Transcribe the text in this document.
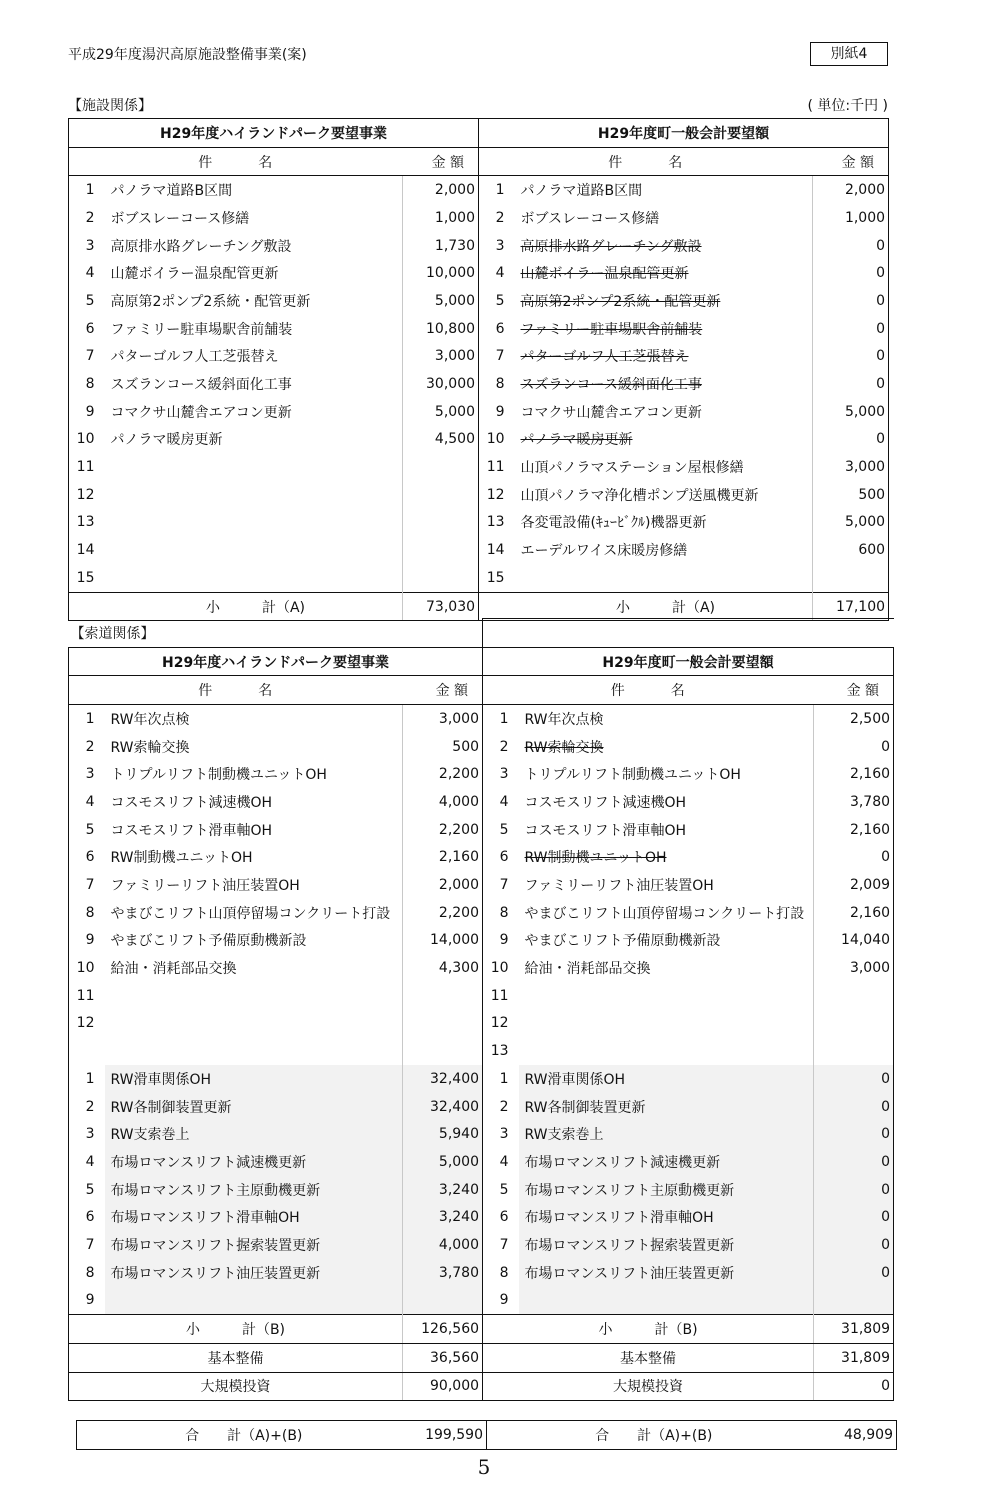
平成29年度湯沢高原施設整備事業(案)	別紙4
【施設関係】	( 単位:千円 )
H29年度ハイランドパーク要望事業			H29年度町一般会計要望額		
件　　　名		金 額	件　　　名		金 額
1	パノラマ道路B区間	2,000	1	パノラマ道路B区間	2,000
2	ボブスレーコース修繕	1,000	2	ボブスレーコース修繕	1,000
3	高原排水路グレーチング敷設	1,730	3	高原排水路グレーチング敷設	0
4	山麓ボイラー温泉配管更新	10,000	4	山麓ボイラー温泉配管更新	0
5	高原第2ポンプ2系統・配管更新	5,000	5	高原第2ポンプ2系統・配管更新	0
6	ファミリー駐車場駅舎前舗装	10,800	6	ファミリー駐車場駅舎前舗装	0
7	パターゴルフ人工芝張替え	3,000	7	パターゴルフ人工芝張替え	0
8	スズランコース緩斜面化工事	30,000	8	スズランコース緩斜面化工事	0
9	コマクサ山麓舎エアコン更新	5,000	9	コマクサ山麓舎エアコン更新	5,000
10	パノラマ暖房更新	4,500	10	パノラマ暖房更新	0
11			11	山頂パノラマステーション屋根修繕	3,000
12			12	山頂パノラマ浄化槽ポンプ送風機更新	500
13			13	各変電設備(ｷｭｰﾋﾞｸﾙ)機器更新	5,000
14			14	エーデルワイス床暖房修繕	600
15			15		
小　　　計（A)		73,030	小　　　計（A)		17,100
【索道関係】					
H29年度ハイランドパーク要望事業			H29年度町一般会計要望額		
件　　　名		金 額	件　　　名		金 額
1	RW年次点検	3,000	1	RW年次点検	2,500
2	RW索輪交換	500	2	RW索輪交換	0
3	トリプルリフト制動機ユニットOH	2,200	3	トリプルリフト制動機ユニットOH	2,160
4	コスモスリフト減速機OH	4,000	4	コスモスリフト減速機OH	3,780
5	コスモスリフト滑車軸OH	2,200	5	コスモスリフト滑車軸OH	2,160
6	RW制動機ユニットOH	2,160	6	RW制動機ユニットOH	0
7	ファミリーリフト油圧装置OH	2,000	7	ファミリーリフト油圧装置OH	2,009
8	やまびこリフト山頂停留場コンクリート打設	2,200	8	やまびこリフト山頂停留場コンクリート打設	2,160
9	やまびこリフト予備原動機新設	14,000	9	やまびこリフト予備原動機新設	14,040
10	給油・消耗部品交換	4,300	10	給油・消耗部品交換	3,000
11			11		
12			12		
			13		
1	RW滑車関係OH	32,400	1	RW滑車関係OH	0
2	RW各制御装置更新	32,400	2	RW各制御装置更新	0
3	RW支索巻上	5,940	3	RW支索巻上	0
4	布場ロマンスリフト減速機更新	5,000	4	布場ロマンスリフト減速機更新	0
5	布場ロマンスリフト主原動機更新	3,240	5	布場ロマンスリフト主原動機更新	0
6	布場ロマンスリフト滑車軸OH	3,240	6	布場ロマンスリフト滑車軸OH	0
7	布場ロマンスリフト握索装置更新	4,000	7	布場ロマンスリフト握索装置更新	0
8	布場ロマンスリフト油圧装置更新	3,780	8	布場ロマンスリフト油圧装置更新	0
9			9		
小　　　計（B)		126,560	小　　　計（B)		31,809
基本整備		36,560	基本整備		31,809
大規模投資		90,000	大規模投資		0
合　　計（A)+(B)	199,590	合　　計（A)+(B)	48,909
5
